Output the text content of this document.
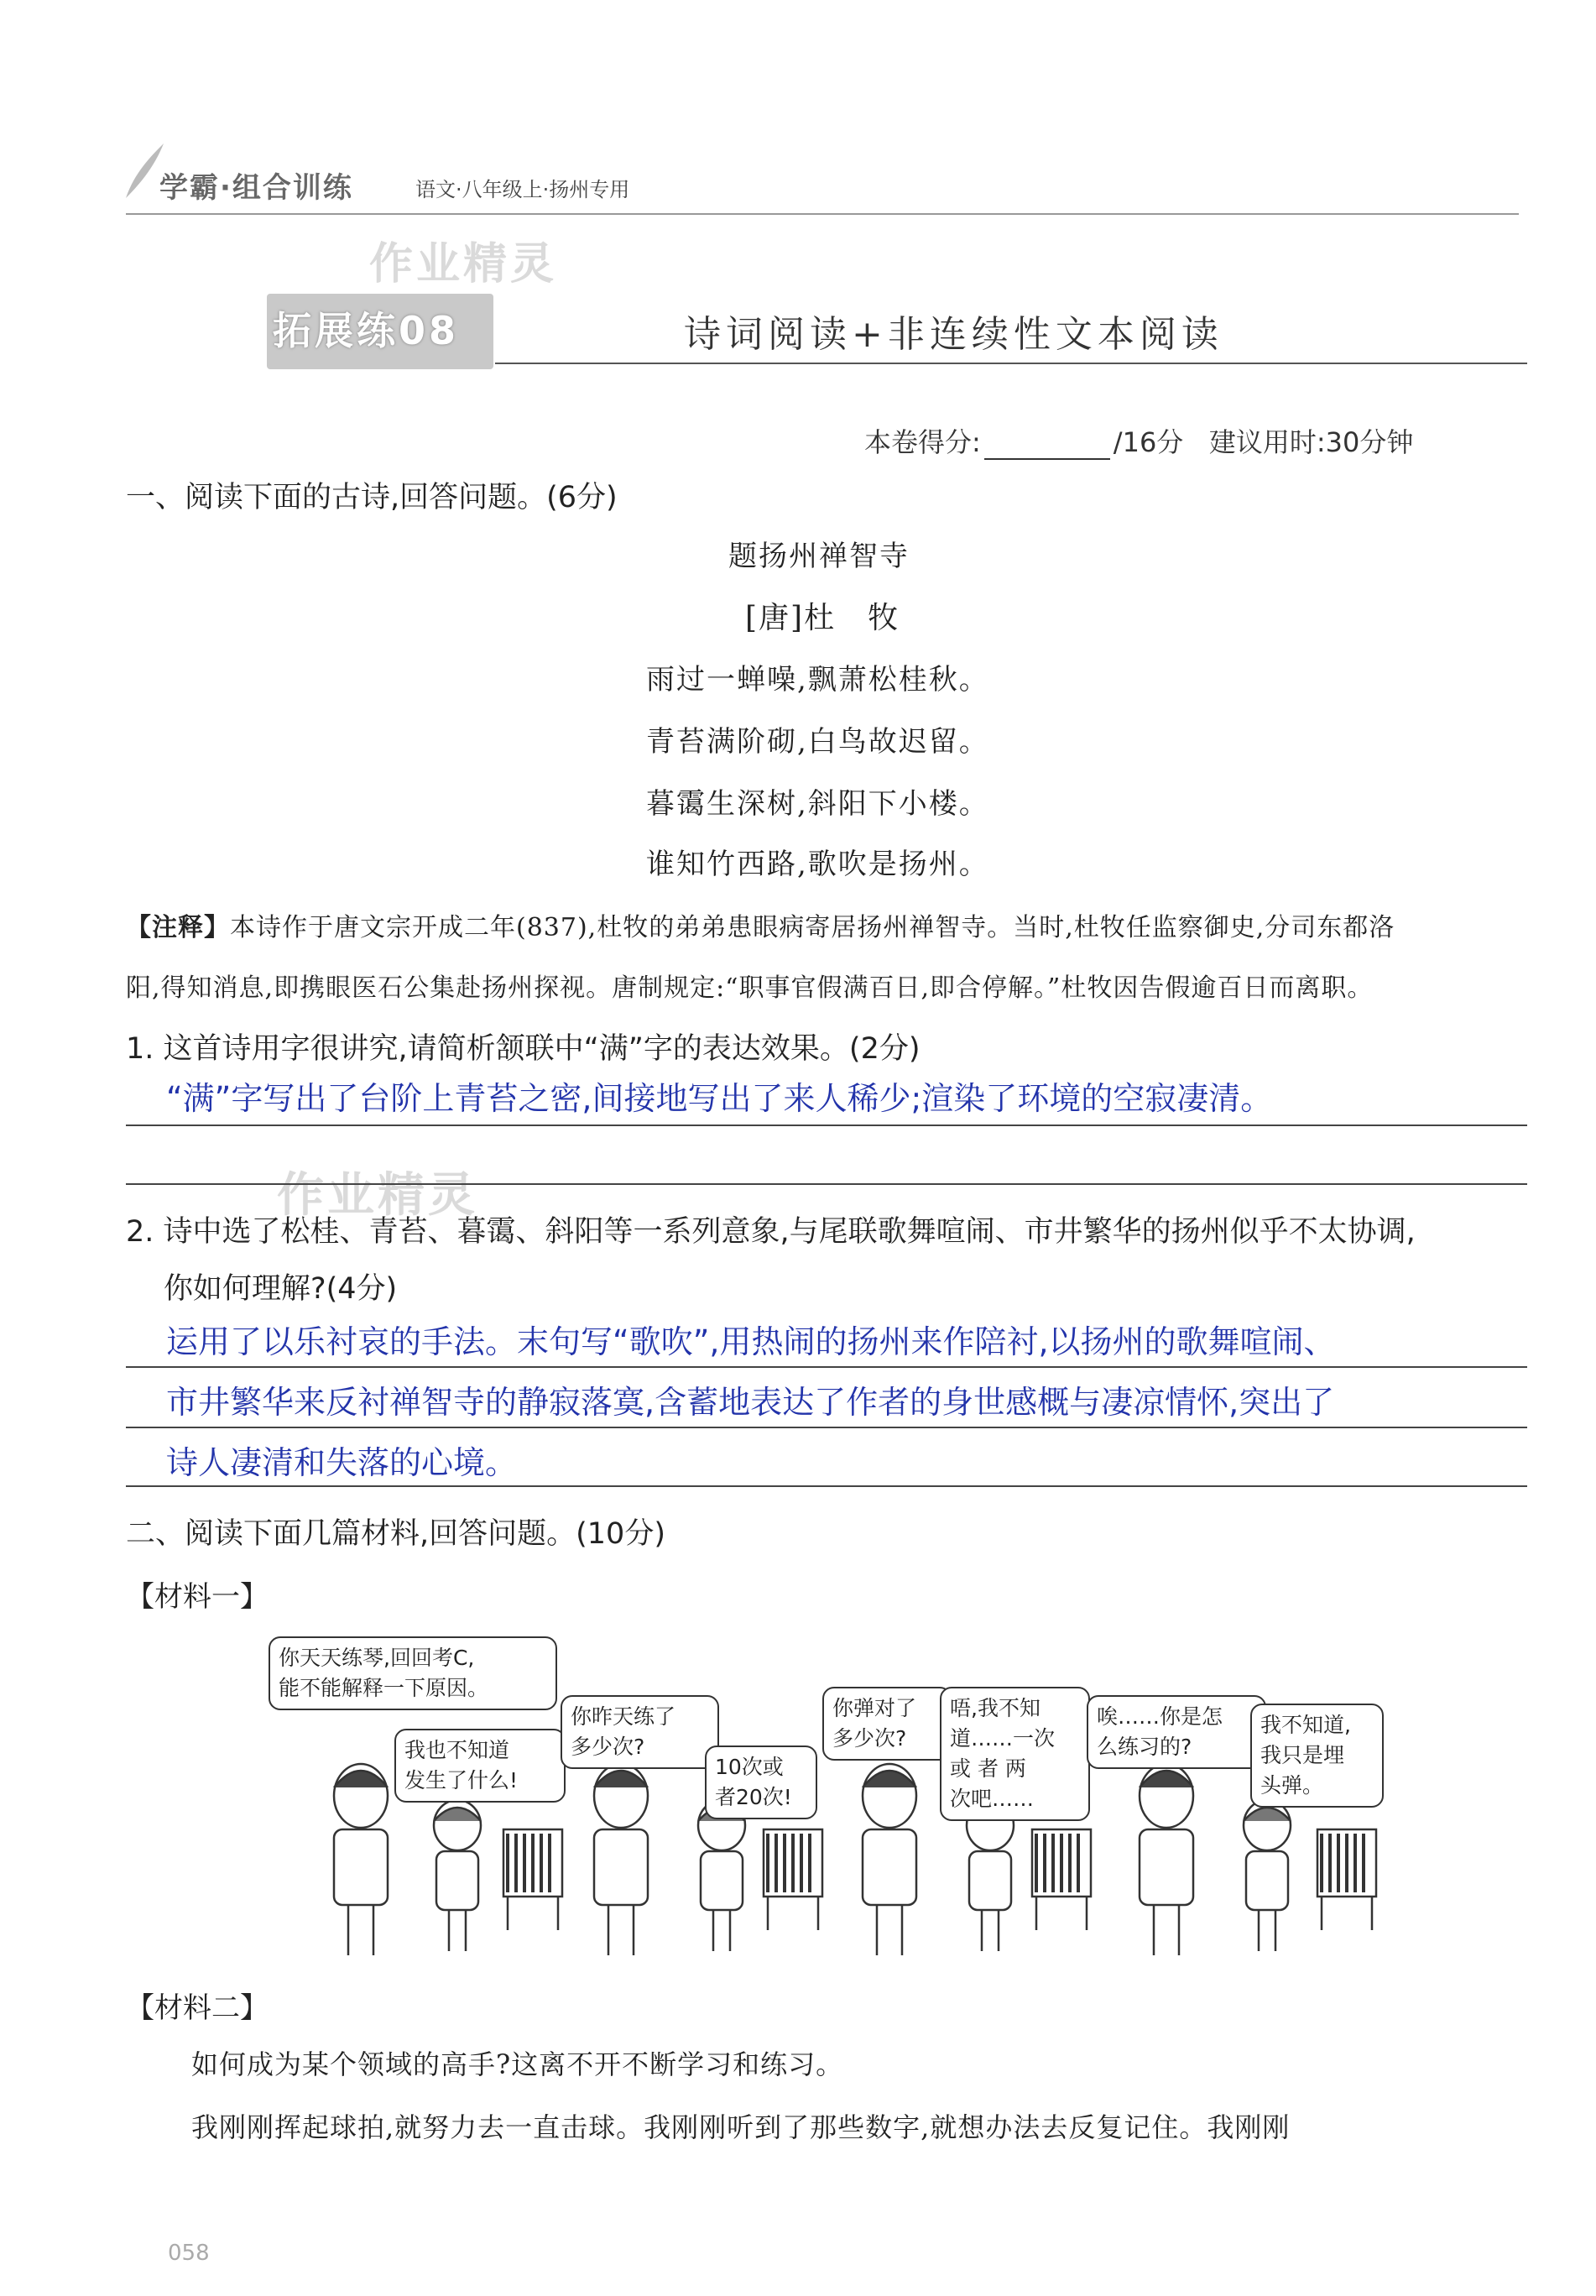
学霸·组合训练	语文·八年级上·扬州专用
作业精灵
拓展练08	诗词阅读+非连续性文本阅读
本卷得分:	/16分 建议用时:30分钟
一、阅读下面的古诗,回答问题。(6分)
题扬州禅智寺
[唐]杜　牧
雨过一蝉噪,飘萧松桂秋。
青苔满阶砌,白鸟故迟留。
暮霭生深树,斜阳下小楼。
谁知竹西路,歌吹是扬州。
【注释】本诗作于唐文宗开成二年(837),杜牧的弟弟患眼病寄居扬州禅智寺。当时,杜牧任监察御史,分司东都洛
阳,得知消息,即携眼医石公集赴扬州探视。唐制规定:“职事官假满百日,即合停解。”杜牧因告假逾百日而离职。
1. 这首诗用字很讲究,请简析颔联中“满”字的表达效果。(2分)
“满”字写出了台阶上青苔之密,间接地写出了来人稀少;渲染了环境的空寂凄清。
作业精灵
2. 诗中选了松桂、青苔、暮霭、斜阳等一系列意象,与尾联歌舞喧闹、市井繁华的扬州似乎不太协调,
你如何理解?(4分)
运用了以乐衬哀的手法。末句写“歌吹”,用热闹的扬州来作陪衬,以扬州的歌舞喧闹、
市井繁华来反衬禅智寺的静寂落寞,含蓄地表达了作者的身世感概与凄凉情怀,突出了
诗人凄清和失落的心境。
二、阅读下面几篇材料,回答问题。(10分)
【材料一】
你天天练琴,回回考C,
能不能解释一下原因。
我也不知道
发生了什么!
你昨天练了
多少次?
10次或
者20次!
你弹对了
多少次?
唔,我不知
道……一次
或 者 两
次吧……
唉……你是怎
么练习的?
我不知道,
我只是埋
头弹。
【材料二】
如何成为某个领域的高手?这离不开不断学习和练习。
我刚刚挥起球拍,就努力去一直击球。我刚刚听到了那些数字,就想办法去反复记住。我刚刚
058
